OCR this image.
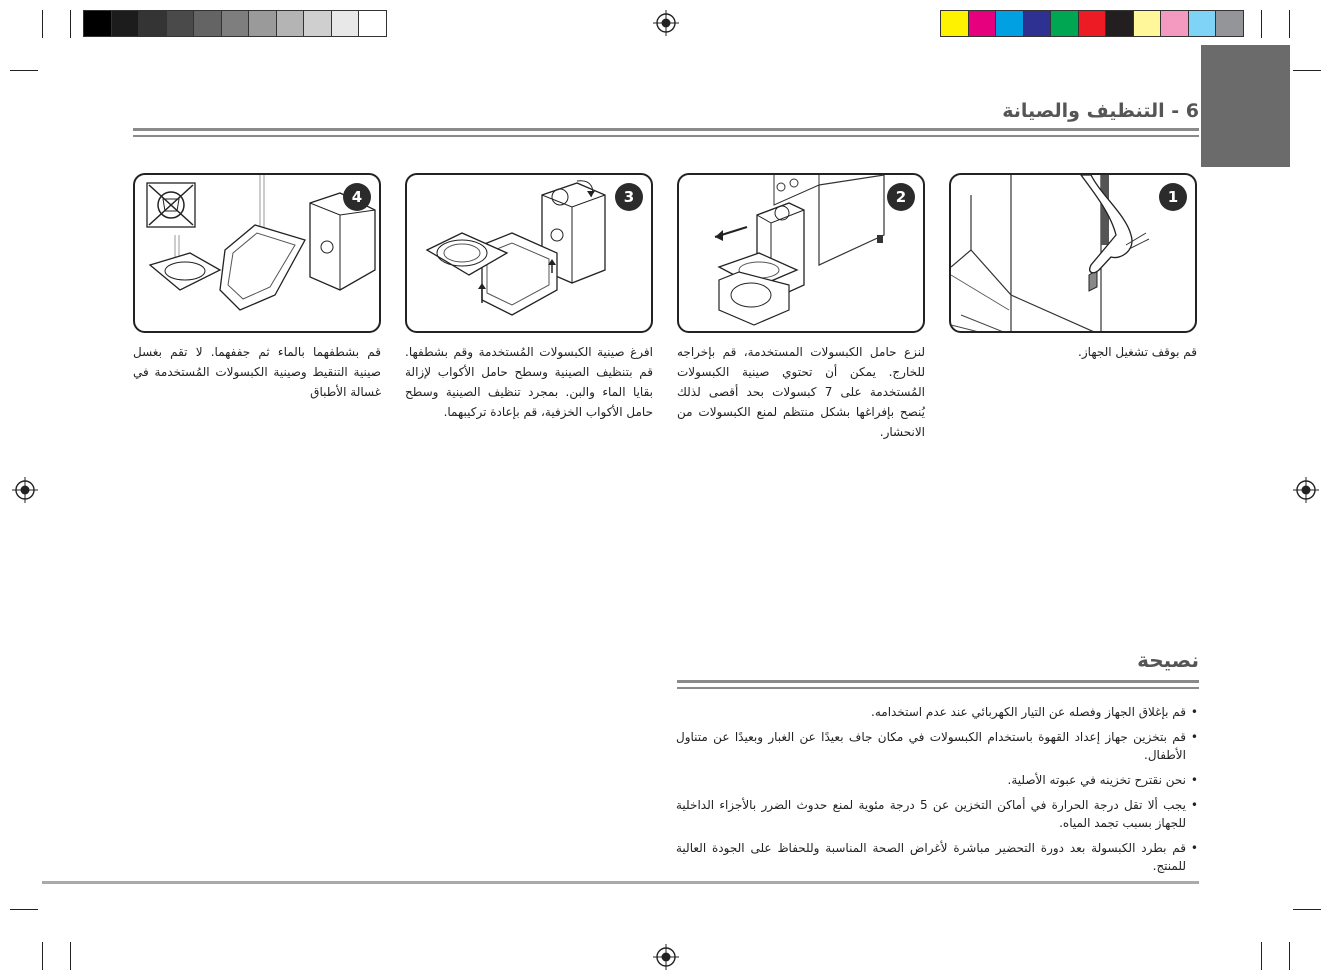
6 - التنظيف والصيانة
1
قم بوقف تشغيل الجهاز.
2
لنزع حامل الكبسولات المستخدمة، قم بإخراجه للخارج. يمكن أن تحتوي صينية الكبسولات المُستخدمة على 7 كبسولات بحد أقصى لذلك يُنصح بإفراغها بشكل منتظم لمنع الكبسولات من الانحشار.
3
افرغ صينية الكبسولات المُستخدمة وقم بشطفها. قم بتنظيف الصينية وسطح حامل الأكواب لإزالة بقايا الماء والبن. بمجرد تنظيف الصينية وسطح حامل الأكواب الخزفية، قم بإعادة تركيبهما.
4
قم بشطفهما بالماء ثم جففهما. لا تقم بغسل صينية التنقيط وصينية الكبسولات المُستخدمة في غسالة الأطباق
نصيحة
• قم بإغلاق الجهاز وفصله عن التيار الكهربائي عند عدم استخدامه.
• قم بتخزين جهاز إعداد القهوة باستخدام الكبسولات في مكان جاف بعيدًا عن الغبار وبعيدًا عن متناول الأطفال.
• نحن نقترح تخزينه في عبوته الأصلية.
• يجب ألا تقل درجة الحرارة في أماكن التخزين عن 5 درجة مئوية لمنع حدوث الضرر بالأجزاء الداخلية للجهاز بسبب تجمد المياه.
• قم بطرد الكبسولة بعد دورة التحضير مباشرة لأغراض الصحة المناسبة وللحفاظ على الجودة العالية للمنتج.
